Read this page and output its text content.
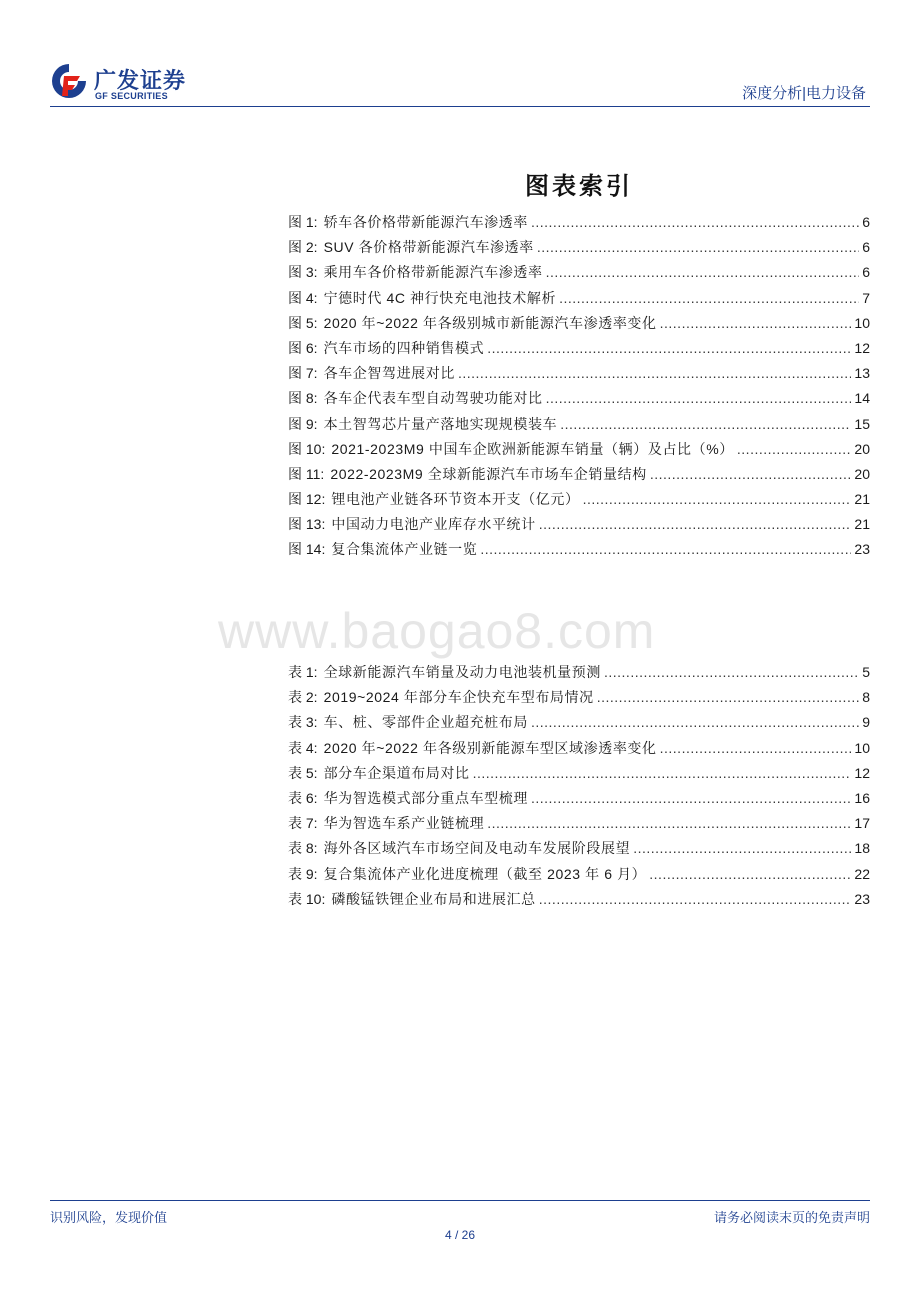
广发证券
GF SECURITIES	深度分析|电力设备
图表索引
图 1: 轿车各价格带新能源汽车渗透率 .....	6
图 2: SUV 各价格带新能源汽车渗透率 .....	6
图 3: 乘用车各价格带新能源汽车渗透率 .....	6
图 4: 宁德时代 4C 神行快充电池技术解析 .....	7
图 5: 2020 年~2022 年各级别城市新能源汽车渗透率变化 .....	10
图 6: 汽车市场的四种销售模式 .....	12
图 7: 各车企智驾进展对比 .....	13
图 8: 各车企代表车型自动驾驶功能对比 .....	14
图 9: 本土智驾芯片量产落地实现规模装车 .....	15
图 10: 2021-2023M9 中国车企欧洲新能源车销量（辆）及占比（%） .....	20
图 11: 2022-2023M9 全球新能源汽车市场车企销量结构 .....	20
图 12: 锂电池产业链各环节资本开支（亿元） .....	21
图 13: 中国动力电池产业库存水平统计 .....	21
图 14: 复合集流体产业链一览 .....	23
www.baogao8.com
表 1: 全球新能源汽车销量及动力电池装机量预测 .....	5
表 2: 2019~2024 年部分车企快充车型布局情况 .....	8
表 3: 车、桩、零部件企业超充桩布局 .....	9
表 4: 2020 年~2022 年各级别新能源车型区域渗透率变化 .....	10
表 5: 部分车企渠道布局对比 .....	12
表 6: 华为智选模式部分重点车型梳理 .....	16
表 7: 华为智选车系产业链梳理 .....	17
表 8: 海外各区域汽车市场空间及电动车发展阶段展望 .....	18
表 9: 复合集流体产业化进度梳理（截至 2023 年 6 月） .....	22
表 10: 磷酸锰铁锂企业布局和进展汇总 .....	23
识别风险，发现价值	请务必阅读末页的免责声明
4 / 26
